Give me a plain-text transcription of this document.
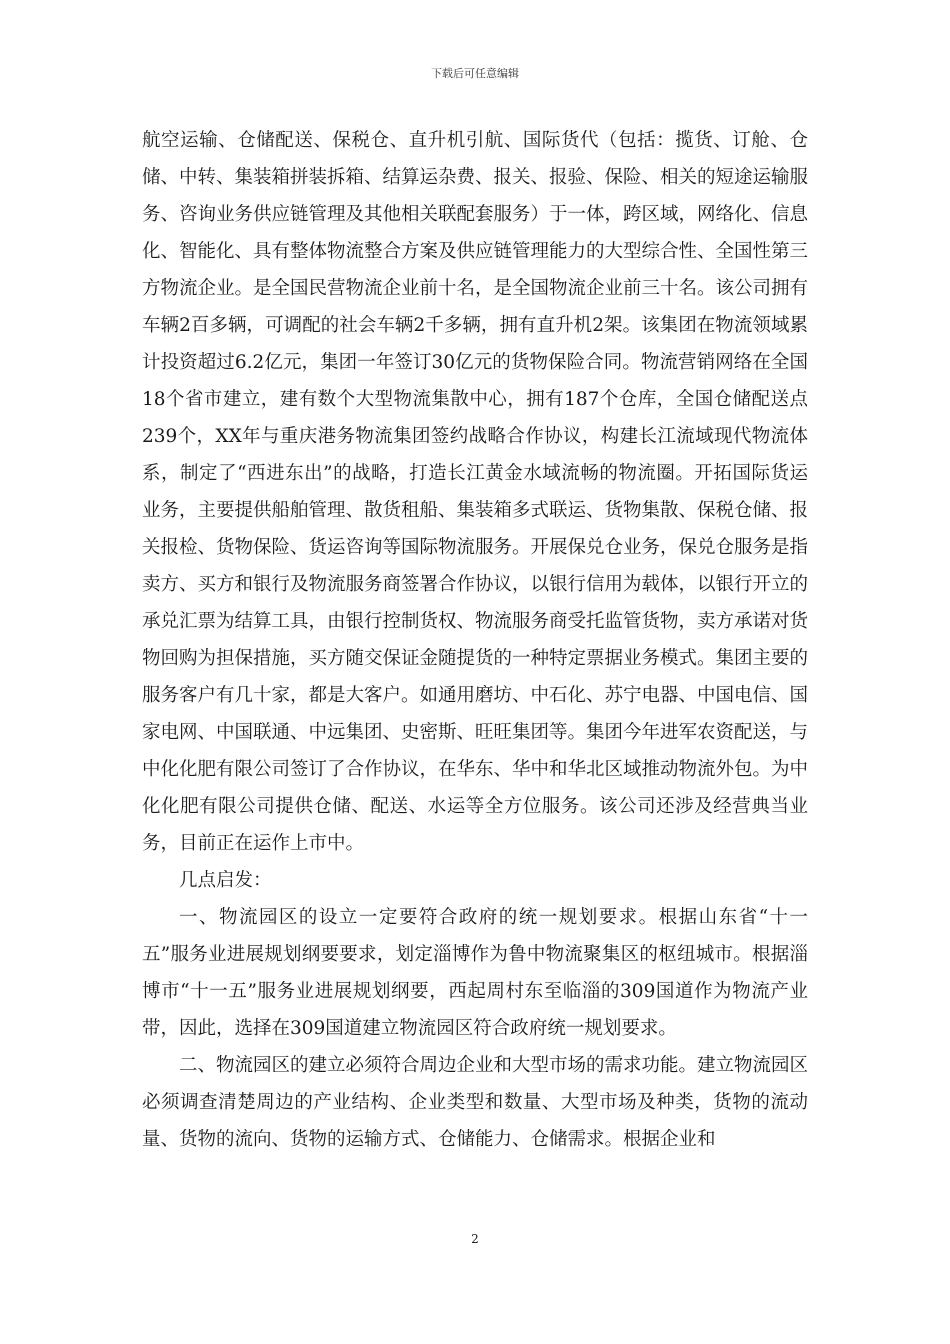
下载后可任意编辑

航空运输、仓储配送、保税仓、直升机引航、国际货代（包括：揽货、订舱、仓储、中转、集装箱拼装拆箱、结算运杂费、报关、报验、保险、相关的短途运输服务、咨询业务供应链管理及其他相关联配套服务）于一体，跨区域，网络化、信息化、智能化、具有整体物流整合方案及供应链管理能力的大型综合性、全国性第三方物流企业。是全国民营物流企业前十名，是全国物流企业前三十名。该公司拥有车辆2百多辆，可调配的社会车辆2千多辆，拥有直升机2架。该集团在物流领域累计投资超过6.2亿元，集团一年签订30亿元的货物保险合同。物流营销网络在全国18个省市建立，建有数个大型物流集散中心，拥有187个仓库，全国仓储配送点239个，XX年与重庆港务物流集团签约战略合作协议，构建长江流域现代物流体系，制定了“西进东出”的战略，打造长江黄金水域流畅的物流圈。开拓国际货运业务，主要提供船舶管理、散货租船、集装箱多式联运、货物集散、保税仓储、报关报检、货物保险、货运咨询等国际物流服务。开展保兑仓业务，保兑仓服务是指卖方、买方和银行及物流服务商签署合作协议，以银行信用为载体，以银行开立的承兑汇票为结算工具，由银行控制货权、物流服务商受托监管货物，卖方承诺对货物回购为担保措施，买方随交保证金随提货的一种特定票据业务模式。集团主要的服务客户有几十家，都是大客户。如通用磨坊、中石化、苏宁电器、中国电信、国家电网、中国联通、中远集团、史密斯、旺旺集团等。集团今年进军农资配送，与中化化肥有限公司签订了合作协议，在华东、华中和华北区域推动物流外包。为中化化肥有限公司提供仓储、配送、水运等全方位服务。该公司还涉及经营典当业务，目前正在运作上市中。

几点启发：

一、物流园区的设立一定要符合政府的统一规划要求。根据山东省“十一五”服务业进展规划纲要要求，划定淄博作为鲁中物流聚集区的枢纽城市。根据淄博市“十一五”服务业进展规划纲要，西起周村东至临淄的309国道作为物流产业带，因此，选择在309国道建立物流园区符合政府统一规划要求。

二、物流园区的建立必须符合周边企业和大型市场的需求功能。建立物流园区必须调查清楚周边的产业结构、企业类型和数量、大型市场及种类，货物的流动量、货物的流向、货物的运输方式、仓储能力、仓储需求。根据企业和

2
